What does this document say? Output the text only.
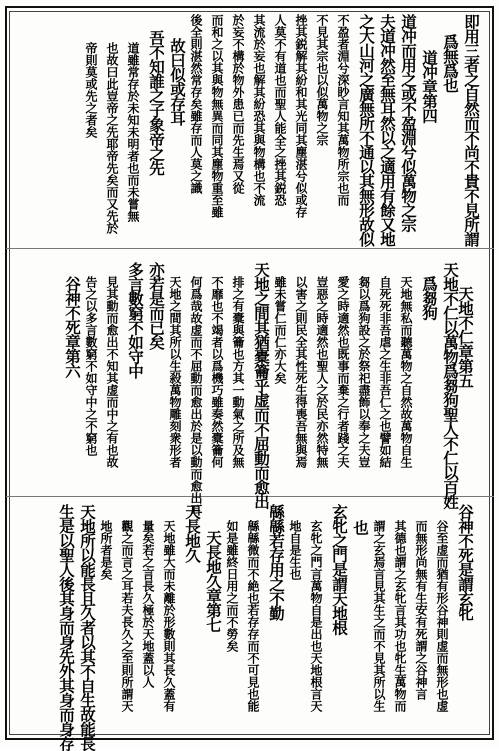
即用三者之自然而不尚不貴不見所謂
爲無爲也
道冲章第四
道冲而用之或不盈淵兮似萬物之宗
夫道冲然至無耳然以之適用有餘又地
之大山河之廣無所不通以其無形故似
不盈者淵兮深眇言知其萬物所宗也而
不見其宗也以似萬物之宗
挫其鋭解其紛和其光同其塵湛兮似或存
人莫不有道也而聖人能全之挫其鋭恐
其流於妄也解其紛恐其與物構也不流
於妄不構於物外患已而先生焉又從
而和之以其與物無異而同其塵物重至雖
後全則湛然常存矣雖存而人莫之識
故曰似或存耳
吾不知誰之子象帝之先
道雖常存於未知未明者也而未嘗無
也故曰此豈帝之先耶帝先矣而又先於
帝則莫或先之者矣
天地不仁章第五
天地不仁以萬物爲芻狗聖人不仁以百姓
爲芻狗
天地無私而聽萬物之自然故萬物自生
自死死非吾虐之生非吾仁之也譬如結
芻以爲狗設之於祭祀盡飾以奉之夫豈
愛之時適然也既事而棄之行者踐之夫
豈惡之時適然也聖人之於民亦然特無
以害之則民全其性死生得喪吾無與焉
雖未嘗仁而仁亦大矣
天地之間其猶橐籥乎虚而不屈動而愈出
排之有橐與籥也方其一動氣之所及無
不靡也不竭者以爲機巧雖奏然橐籥何
何爲哉故虚而不屈動而愈出於是以動而愈出耳
天地之間其所以生殺萬物雕刻衆形者
亦若是而已矣
多言數窮不如守中
見其動而愈出不知其虚而中之有也故
告之以多言數窮不如守中之不窮也
谷神不死章第六
谷神不死是謂玄牝
谷至虚而猶有形谷神則虚而無形也虚
而無形尚無有生安有死謂之谷神言
其德也謂之玄牝言其功也牝生萬物而
謂之玄焉言見其生之而不見其所以生
也
玄牝之門是謂天地根
玄牝之門言萬物自是出也天地根言天
地自是生也
緜緜若存用之不勤
緜緜微而不絶也若存存而不可見也能
如是雖終日用之而不勞矣
天長地久章第七
天長地久
天地雖大而未離於形數則其長久蓋有
量矣若之言長久極於天地蓋以人
觀之而言之耳若夫長久之至則所謂天
地所者是矣
天地所以能長且久者以其不自生故能長
生是以聖人後其身而身先外其身而身存
